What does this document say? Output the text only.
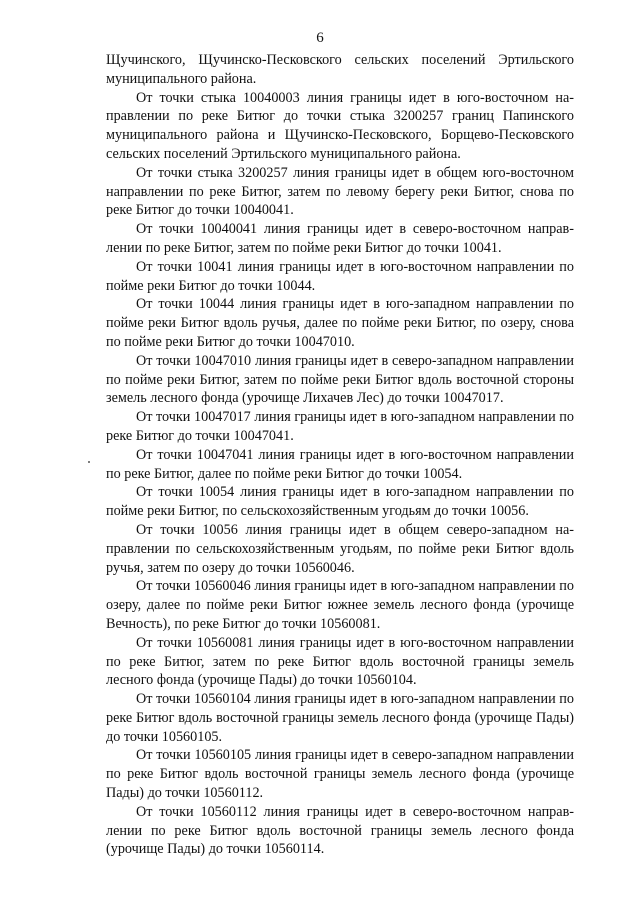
6

Щучинского, Щучинско-Песковского сельских поселений Эртильского муниципального района.

От точки стыка 10040003 линия границы идет в юго-восточном направлении по реке Битюг до точки стыка 3200257 границ Папинского муниципального района и Щучинско-Песковского, Борщево-Песковского сельских поселений Эртильского муниципального района.

От точки стыка 3200257 линия границы идет в общем юго-восточном направлении по реке Битюг, затем по левому берегу реки Битюг, снова по реке Битюг до точки 10040041.

От точки 10040041 линия границы идет в северо-восточном направлении по реке Битюг, затем по пойме реки Битюг до точки 10041.

От точки 10041 линия границы идет в юго-восточном направлении по пойме реки Битюг до точки 10044.

От точки 10044 линия границы идет в юго-западном направлении по пойме реки Битюг вдоль ручья, далее по пойме реки Битюг, по озеру, снова по пойме реки Битюг до точки 10047010.

От точки 10047010 линия границы идет в северо-западном направлении по пойме реки Битюг, затем по пойме реки Битюг вдоль восточной стороны земель лесного фонда (урочище Лихачев Лес) до точки 10047017.

От точки 10047017 линия границы идет в юго-западном направлении по реке Битюг до точки 10047041.

От точки 10047041 линия границы идет в юго-восточном направлении по реке Битюг, далее по пойме реки Битюг до точки 10054.

От точки 10054 линия границы идет в юго-западном направлении по пойме реки Битюг, по сельскохозяйственным угодьям до точки 10056.

От точки 10056 линия границы идет в общем северо-западном направлении по сельскохозяйственным угодьям, по пойме реки Битюг вдоль ручья, затем по озеру до точки 10560046.

От точки 10560046 линия границы идет в юго-западном направлении по озеру, далее по пойме реки Битюг южнее земель лесного фонда (урочище Вечность), по реке Битюг до точки 10560081.

От точки 10560081 линия границы идет в юго-восточном направлении по реке Битюг, затем по реке Битюг вдоль восточной границы земель лесного фонда (урочище Пады) до точки 10560104.

От точки 10560104 линия границы идет в юго-западном направлении по реке Битюг вдоль восточной границы земель лесного фонда (урочище Пады) до точки 10560105.

От точки 10560105 линия границы идет в северо-западном направлении по реке Битюг вдоль восточной границы земель лесного фонда (урочище Пады) до точки 10560112.

От точки 10560112 линия границы идет в северо-восточном направлении по реке Битюг вдоль восточной границы земель лесного фонда (урочище Пады) до точки 10560114.
